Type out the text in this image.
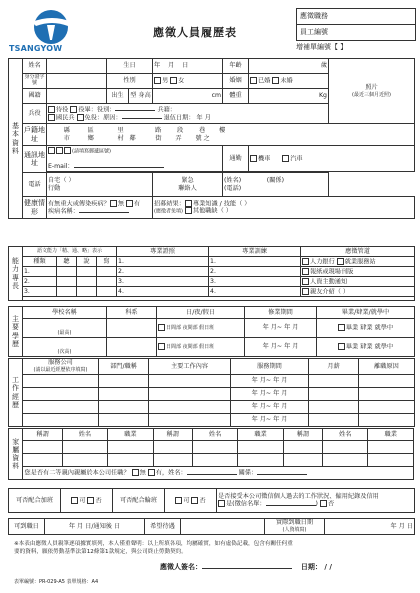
TSANGYOW
應徵人員履歷表
應徵職務
員工編號
增補單編號【 】
基本資料	姓名		生日		年 月 日	年齡	歲	照片
(最近三個月近照)
	身分證字號		性別		男 女	婚姻	已婚 未婚	
	國籍		出生	型 身高	cm	體重	Kg	
	兵役	待役 役畢：役別： 兵籍：
國民兵 免役：原因： 退伍日期： 年 月						
	戶籍地址	縣 區 里 路 段 巷 樓
市 鄉 村 鄰 街 弄 號 之						
	通訊地址	(請填寫郵遞區號)

E-mail：				通勤	機車 汽車	

	電話	自宅（ ）
行動			緊急
聯絡人	(姓名) (關係)
(電話)		
	健康情形	有無重大或傳染疾病？ 無 有
疾病名稱：			招募結果： 專業知識 / 技能（ ）
(應徵者免填) 其他職缺（ ）			
能力專長	語文能力「精、通、略」表示				專業證照	專業訓練	應徵管道
	種類	聽	說	寫	1.	1.	人力銀行 就業服務站
	1.				2.	2.	報紙或現場刊版
	2.				3.	3.	人資主動通知
	3.				4.	4.	親友介紹（ ）

主要學歷	學校名稱	科系	日/夜/假日	修業期間	畢業/肄業/就學中
	(最高)		日間部 夜間部 假日班	年 月~ 年 月	畢業 肄業 就學中
	(次高)		日間部 夜間部 假日班	年 月~ 年 月	畢業 肄業 就學中
工作經歷	服務公司
(請以最近經歷依序填寫)	部門/職稱	主要工作內容	服務期間	月薪	離職原因
				年 月~ 年 月		
				年 月~ 年 月		
				年 月~ 年 月		
				年 月~ 年 月		
家屬資料	稱謂	姓名	職業	稱謂	姓名	職業	稱謂	姓名	職業

	您是否有二等親內親屬於本公司任職？ 無 有，姓名： 關係：								
可否配合加班	可 否	可否配合輪班	可 否	是否接受本公司徵信個人過去的工作狀況、僱用紀錄及信用
是(徵信名單：	) 否
可到職日	年 月 日/通知後 日	希望待遇		實際到職日期
(人資填寫)	年 月 日
※本表由應徵人員親筆逐項據實填列，本人僅重聲明：以上所填各項，均屬確實，如有虛偽記載，包含有關任何重
要的資料，願依勞動基準法第12條第1款規定，與公司終止勞動契約。
應徵人簽名：	日期： / /
表單編號：PR-029-A5 表單規格：A4
